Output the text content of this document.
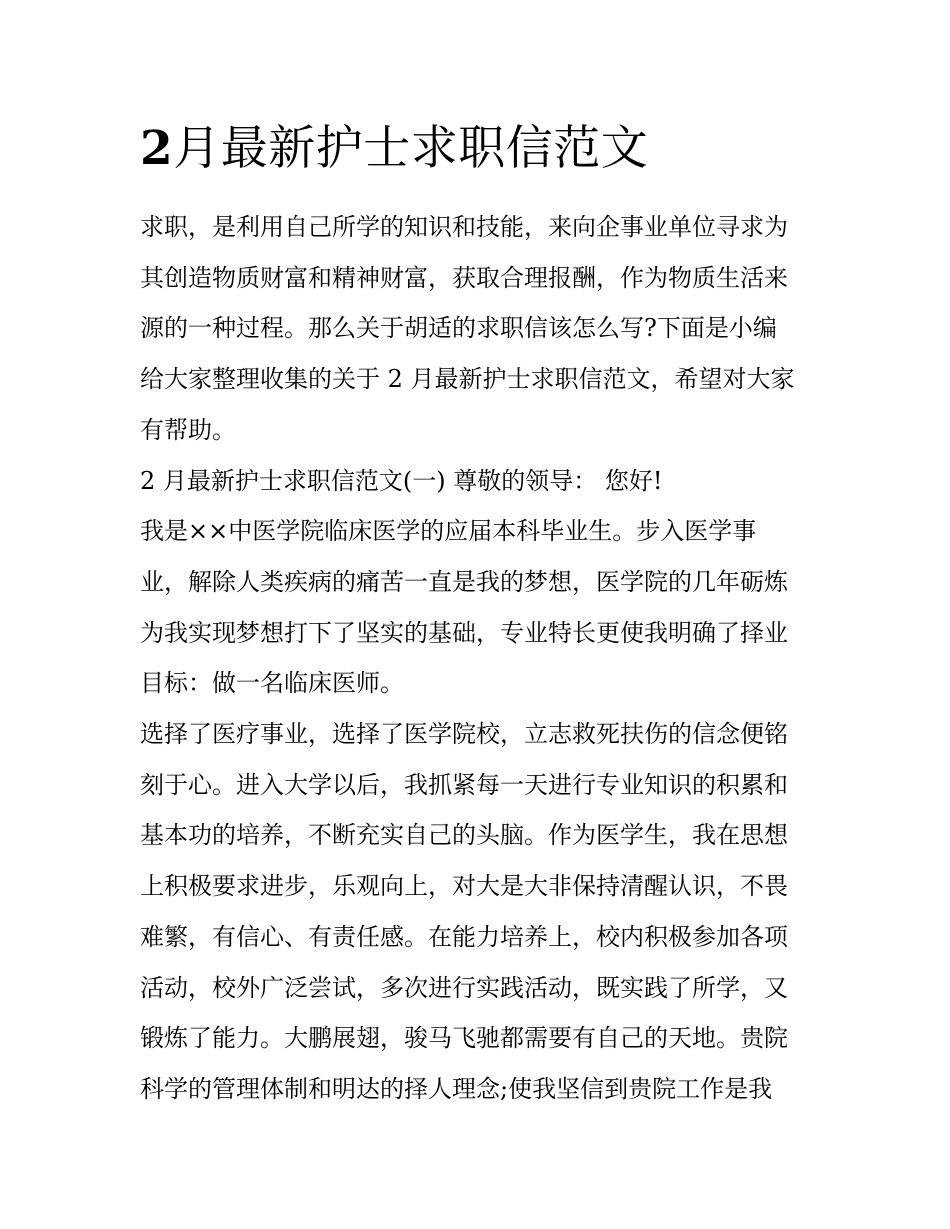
2月最新护士求职信范文

求职，是利用自己所学的知识和技能，来向企事业单位寻求为
其创造物质财富和精神财富，获取合理报酬，作为物质生活来
源的一种过程。那么关于胡适的求职信该怎么写?下面是小编
给大家整理收集的关于 2 月最新护士求职信范文，希望对大家
有帮助。

2 月最新护士求职信范文(一) 尊敬的领导： 您好!

我是××中医学院临床医学的应届本科毕业生。步入医学事
业，解除人类疾病的痛苦一直是我的梦想，医学院的几年砺炼
为我实现梦想打下了坚实的基础，专业特长更使我明确了择业
目标：做一名临床医师。

选择了医疗事业，选择了医学院校，立志救死扶伤的信念便铭
刻于心。进入大学以后，我抓紧每一天进行专业知识的积累和
基本功的培养，不断充实自己的头脑。作为医学生，我在思想
上积极要求进步，乐观向上，对大是大非保持清醒认识，不畏
难繁，有信心、有责任感。在能力培养上，校内积极参加各项
活动，校外广泛尝试，多次进行实践活动，既实践了所学，又
锻炼了能力。大鹏展翅，骏马飞驰都需要有自己的天地。贵院
科学的管理体制和明达的择人理念;使我坚信到贵院工作是我
